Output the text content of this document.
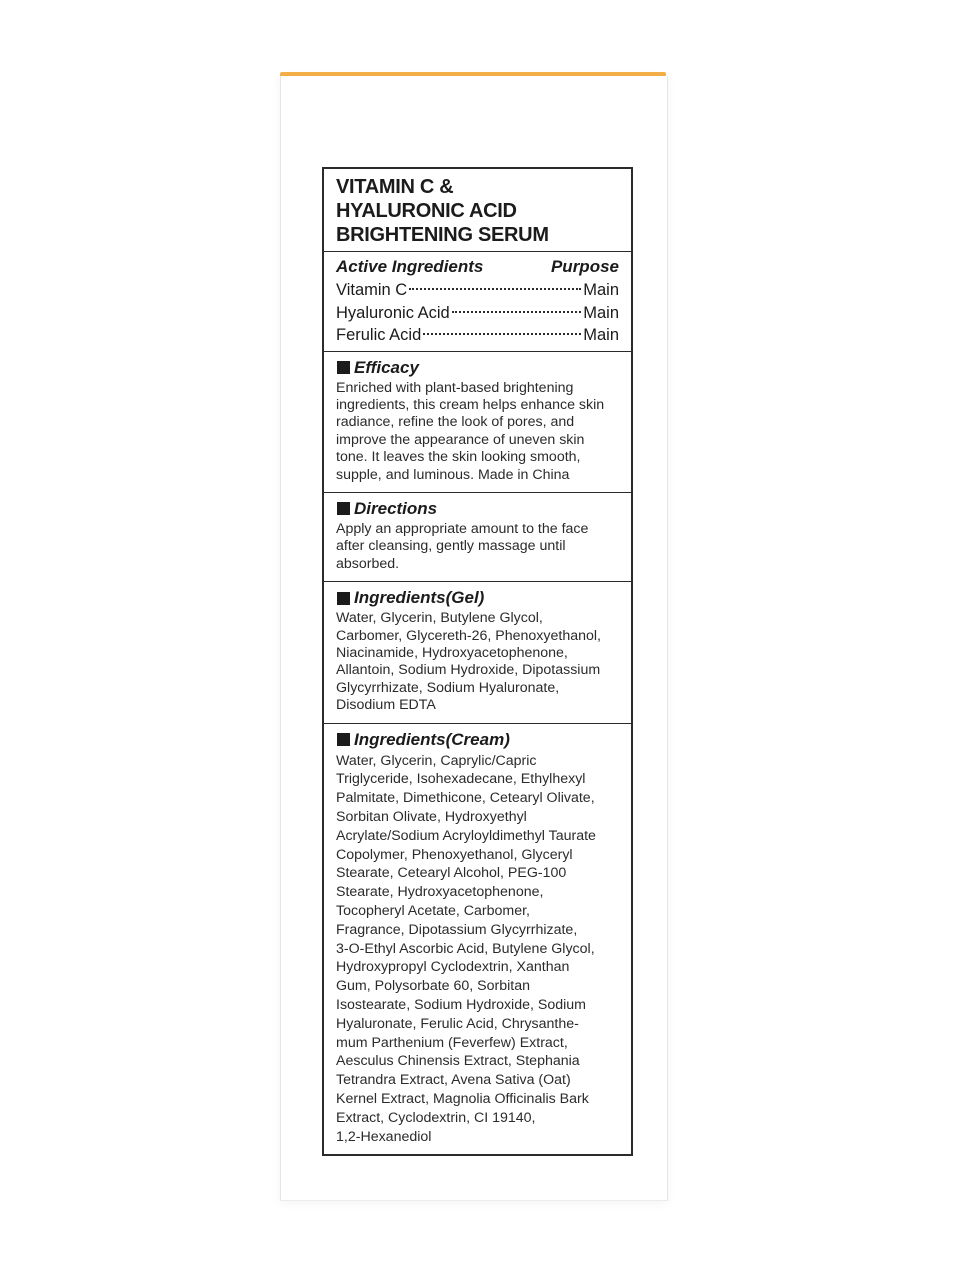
VITAMIN C &
HYALURONIC ACID
BRIGHTENING SERUM
Active Ingredients	Purpose
Vitamin C	Main
Hyaluronic Acid	Main
Ferulic Acid	Main
Efficacy
Enriched with plant-based brightening
ingredients, this cream helps enhance skin
radiance, refine the look of pores, and
improve the appearance of uneven skin
tone. It leaves the skin looking smooth,
supple, and luminous. Made in China
Directions
Apply an appropriate amount to the face
after cleansing, gently massage until
absorbed.
Ingredients(Gel)
Water, Glycerin, Butylene Glycol,
Carbomer, Glycereth-26, Phenoxyethanol,
Niacinamide, Hydroxyacetophenone,
Allantoin, Sodium Hydroxide, Dipotassium
Glycyrrhizate, Sodium Hyaluronate,
Disodium EDTA
Ingredients(Cream)
Water, Glycerin, Caprylic/Capric
Triglyceride, Isohexadecane, Ethylhexyl
Palmitate, Dimethicone, Cetearyl Olivate,
Sorbitan Olivate, Hydroxyethyl
Acrylate/Sodium Acryloyldimethyl Taurate
Copolymer, Phenoxyethanol, Glyceryl
Stearate, Cetearyl Alcohol, PEG-100
Stearate, Hydroxyacetophenone,
Tocopheryl Acetate, Carbomer,
Fragrance, Dipotassium Glycyrrhizate,
3-O-Ethyl Ascorbic Acid, Butylene Glycol,
Hydroxypropyl Cyclodextrin, Xanthan
Gum, Polysorbate 60, Sorbitan
Isostearate, Sodium Hydroxide, Sodium
Hyaluronate, Ferulic Acid, Chrysanthe-
mum Parthenium (Feverfew) Extract,
Aesculus Chinensis Extract, Stephania
Tetrandra Extract, Avena Sativa (Oat)
Kernel Extract, Magnolia Officinalis Bark
Extract, Cyclodextrin, CI 19140,
1,2-Hexanediol
